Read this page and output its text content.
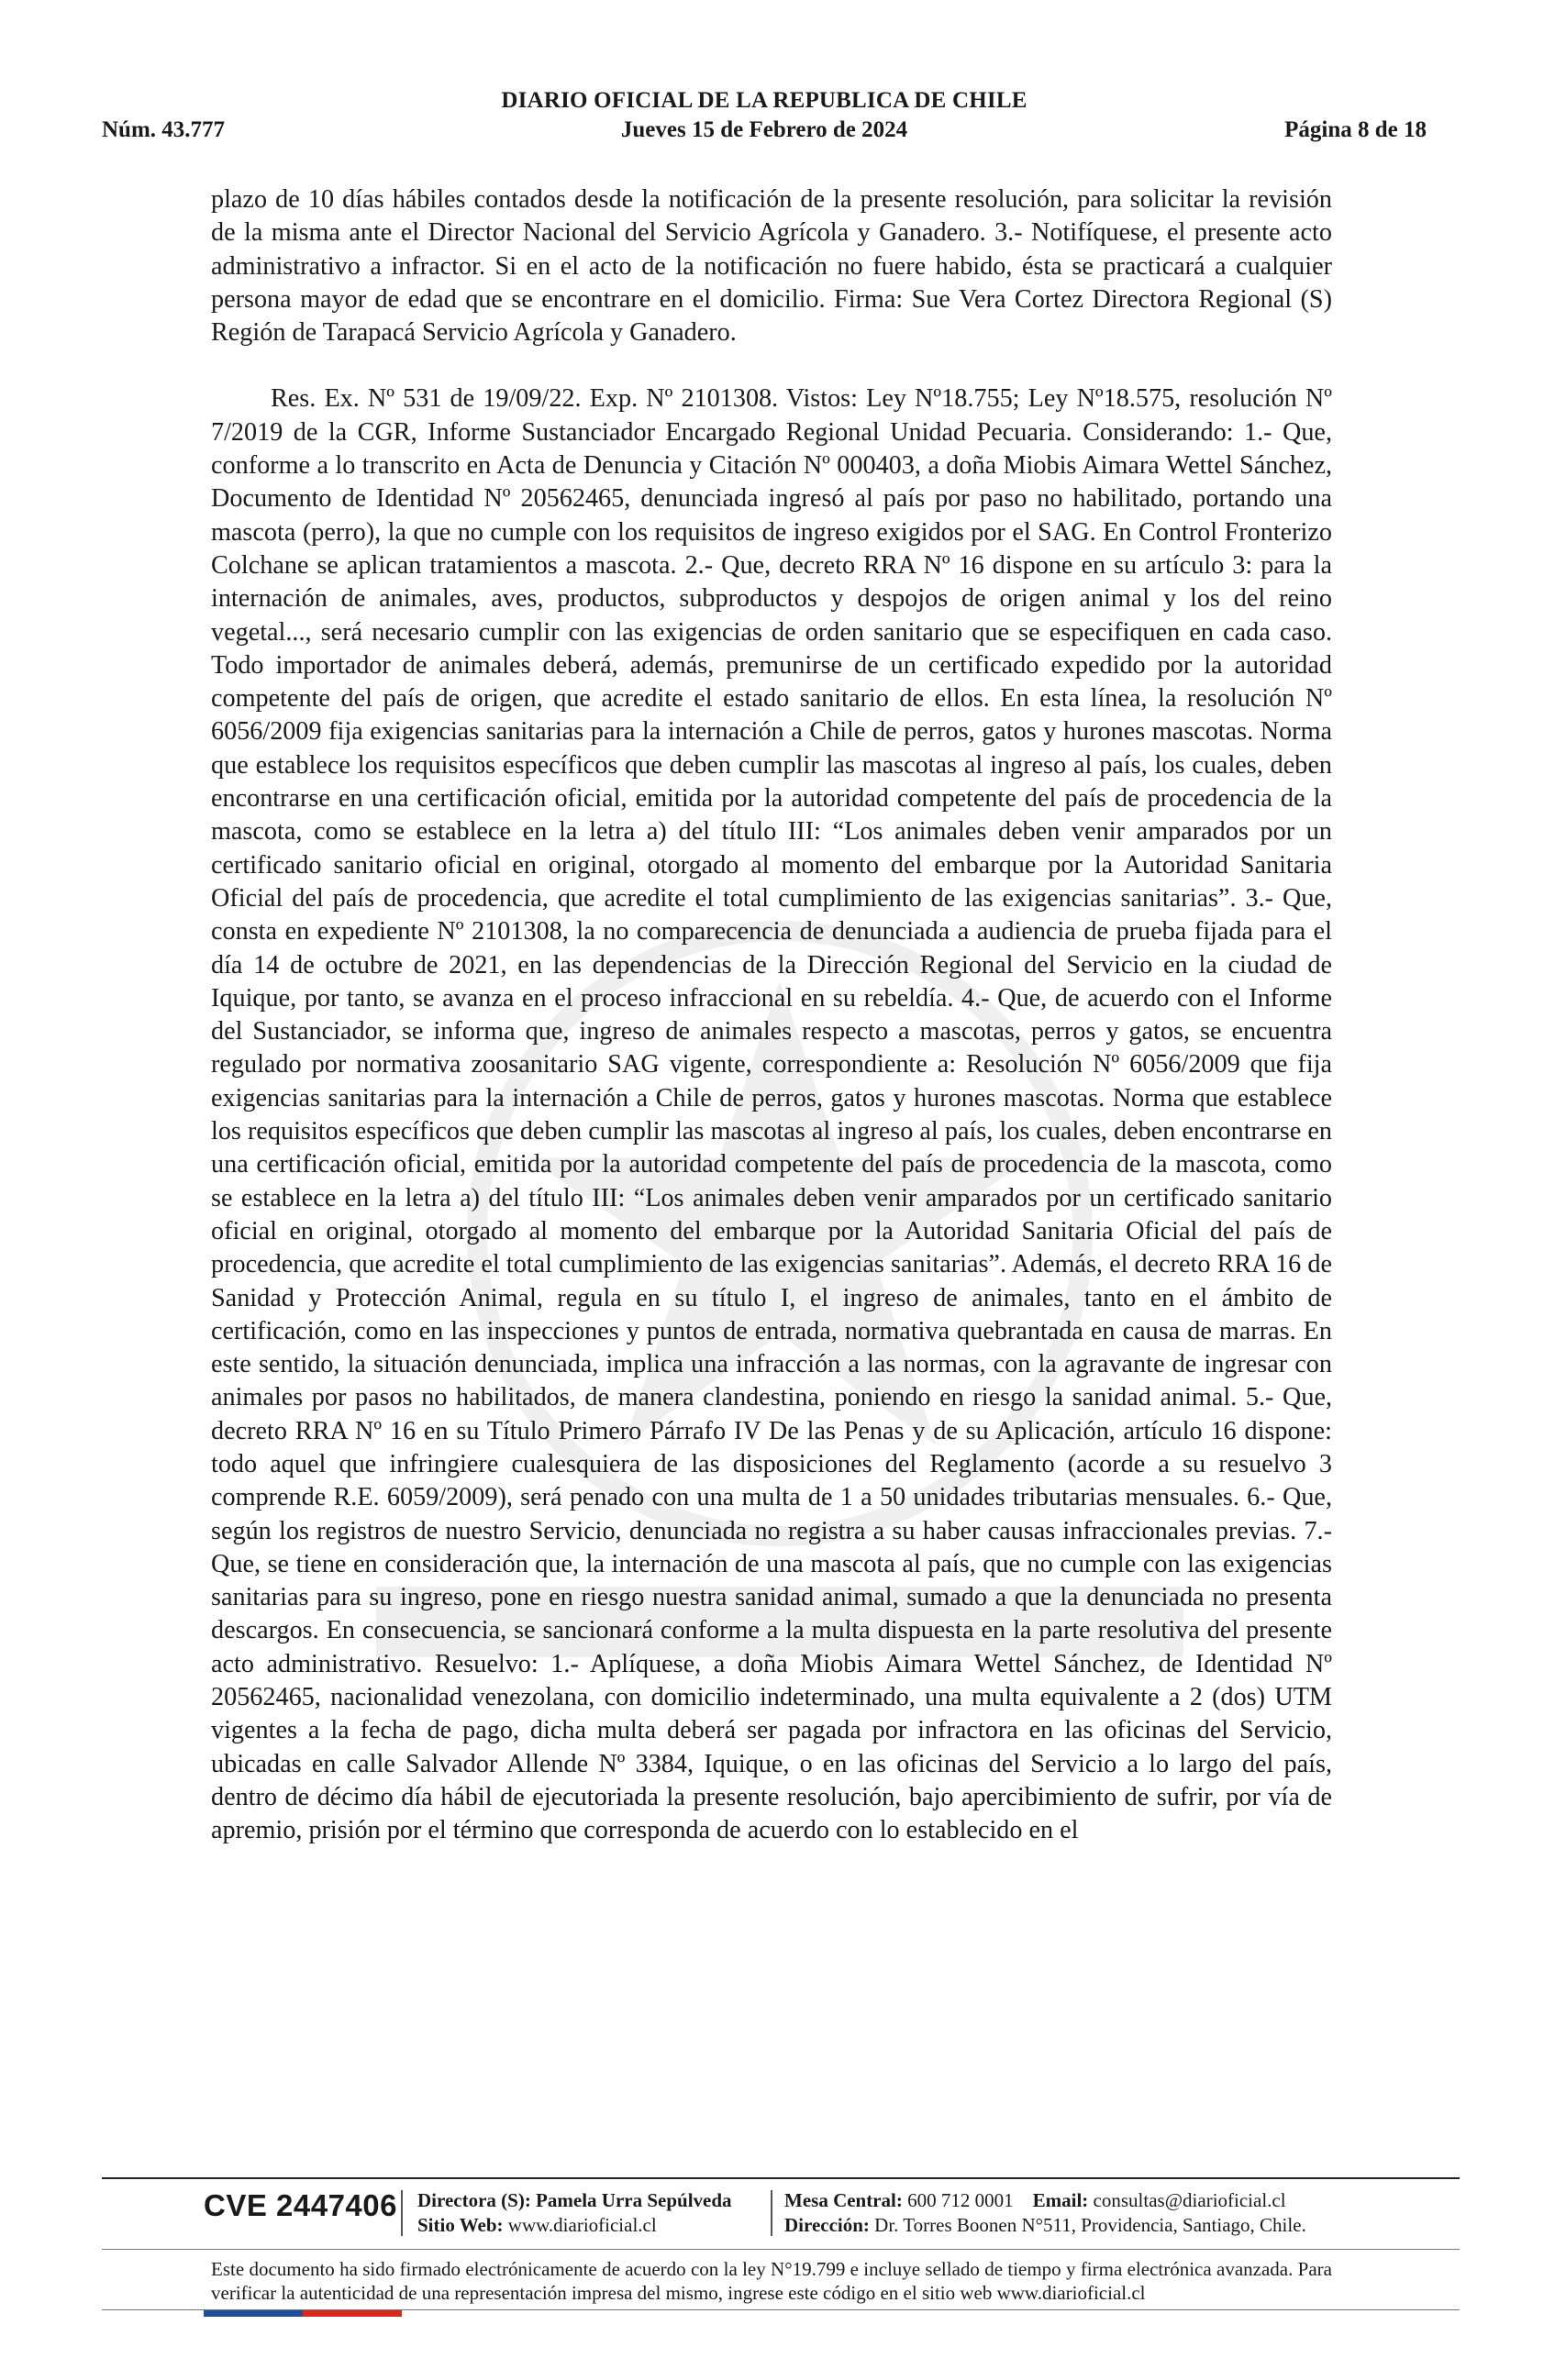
DIARIO OFICIAL DE LA REPUBLICA DE CHILE
Núm. 43.777	Jueves 15 de Febrero de 2024	Página 8 de 18

plazo de 10 días hábiles contados desde la notificación de la presente resolución, para solicitar la revisión de la misma ante el Director Nacional del Servicio Agrícola y Ganadero. 3.- Notifíquese, el presente acto administrativo a infractor. Si en el acto de la notificación no fuere habido, ésta se practicará a cualquier persona mayor de edad que se encontrare en el domicilio. Firma: Sue Vera Cortez Directora Regional (S) Región de Tarapacá Servicio Agrícola y Ganadero.

Res. Ex. Nº 531 de 19/09/22. Exp. Nº 2101308. Vistos: Ley Nº18.755; Ley Nº18.575, resolución Nº 7/2019 de la CGR, Informe Sustanciador Encargado Regional Unidad Pecuaria. Considerando: 1.- Que, conforme a lo transcrito en Acta de Denuncia y Citación Nº 000403, a doña Miobis Aimara Wettel Sánchez, Documento de Identidad Nº 20562465, denunciada ingresó al país por paso no habilitado, portando una mascota (perro), la que no cumple con los requisitos de ingreso exigidos por el SAG. En Control Fronterizo Colchane se aplican tratamientos a mascota. 2.- Que, decreto RRA Nº 16 dispone en su artículo 3: para la internación de animales, aves, productos, subproductos y despojos de origen animal y los del reino vegetal..., será necesario cumplir con las exigencias de orden sanitario que se especifiquen en cada caso. Todo importador de animales deberá, además, premunirse de un certificado expedido por la autoridad competente del país de origen, que acredite el estado sanitario de ellos. En esta línea, la resolución Nº 6056/2009 fija exigencias sanitarias para la internación a Chile de perros, gatos y hurones mascotas. Norma que establece los requisitos específicos que deben cumplir las mascotas al ingreso al país, los cuales, deben encontrarse en una certificación oficial, emitida por la autoridad competente del país de procedencia de la mascota, como se establece en la letra a) del título III: “Los animales deben venir amparados por un certificado sanitario oficial en original, otorgado al momento del embarque por la Autoridad Sanitaria Oficial del país de procedencia, que acredite el total cumplimiento de las exigencias sanitarias”. 3.- Que, consta en expediente Nº 2101308, la no comparecencia de denunciada a audiencia de prueba fijada para el día 14 de octubre de 2021, en las dependencias de la Dirección Regional del Servicio en la ciudad de Iquique, por tanto, se avanza en el proceso infraccional en su rebeldía. 4.- Que, de acuerdo con el Informe del Sustanciador, se informa que, ingreso de animales respecto a mascotas, perros y gatos, se encuentra regulado por normativa zoosanitario SAG vigente, correspondiente a: Resolución Nº 6056/2009 que fija exigencias sanitarias para la internación a Chile de perros, gatos y hurones mascotas. Norma que establece los requisitos específicos que deben cumplir las mascotas al ingreso al país, los cuales, deben encontrarse en una certificación oficial, emitida por la autoridad competente del país de procedencia de la mascota, como se establece en la letra a) del título III: “Los animales deben venir amparados por un certificado sanitario oficial en original, otorgado al momento del embarque por la Autoridad Sanitaria Oficial del país de procedencia, que acredite el total cumplimiento de las exigencias sanitarias”. Además, el decreto RRA 16 de Sanidad y Protección Animal, regula en su título I, el ingreso de animales, tanto en el ámbito de certificación, como en las inspecciones y puntos de entrada, normativa quebrantada en causa de marras. En este sentido, la situación denunciada, implica una infracción a las normas, con la agravante de ingresar con animales por pasos no habilitados, de manera clandestina, poniendo en riesgo la sanidad animal. 5.- Que, decreto RRA Nº 16 en su Título Primero Párrafo IV De las Penas y de su Aplicación, artículo 16 dispone: todo aquel que infringiere cualesquiera de las disposiciones del Reglamento (acorde a su resuelvo 3 comprende R.E. 6059/2009), será penado con una multa de 1 a 50 unidades tributarias mensuales. 6.- Que, según los registros de nuestro Servicio, denunciada no registra a su haber causas infraccionales previas. 7.- Que, se tiene en consideración que, la internación de una mascota al país, que no cumple con las exigencias sanitarias para su ingreso, pone en riesgo nuestra sanidad animal, sumado a que la denunciada no presenta descargos. En consecuencia, se sancionará conforme a la multa dispuesta en la parte resolutiva del presente acto administrativo. Resuelvo: 1.- Aplíquese, a doña Miobis Aimara Wettel Sánchez, de Identidad Nº 20562465, nacionalidad venezolana, con domicilio indeterminado, una multa equivalente a 2 (dos) UTM vigentes a la fecha de pago, dicha multa deberá ser pagada por infractora en las oficinas del Servicio, ubicadas en calle Salvador Allende Nº 3384, Iquique, o en las oficinas del Servicio a lo largo del país, dentro de décimo día hábil de ejecutoriada la presente resolución, bajo apercibimiento de sufrir, por vía de apremio, prisión por el término que corresponda de acuerdo con lo establecido en el

CVE 2447406 Directora (S): Pamela Urra Sepúlveda
Sitio Web: www.diarioficial.cl
Mesa Central: 600 712 0001 Email: consultas@diarioficial.cl
Dirección: Dr. Torres Boonen N°511, Providencia, Santiago, Chile.
Este documento ha sido firmado electrónicamente de acuerdo con la ley N°19.799 e incluye sellado de tiempo y firma electrónica avanzada. Para verificar la autenticidad de una representación impresa del mismo, ingrese este código en el sitio web www.diarioficial.cl
